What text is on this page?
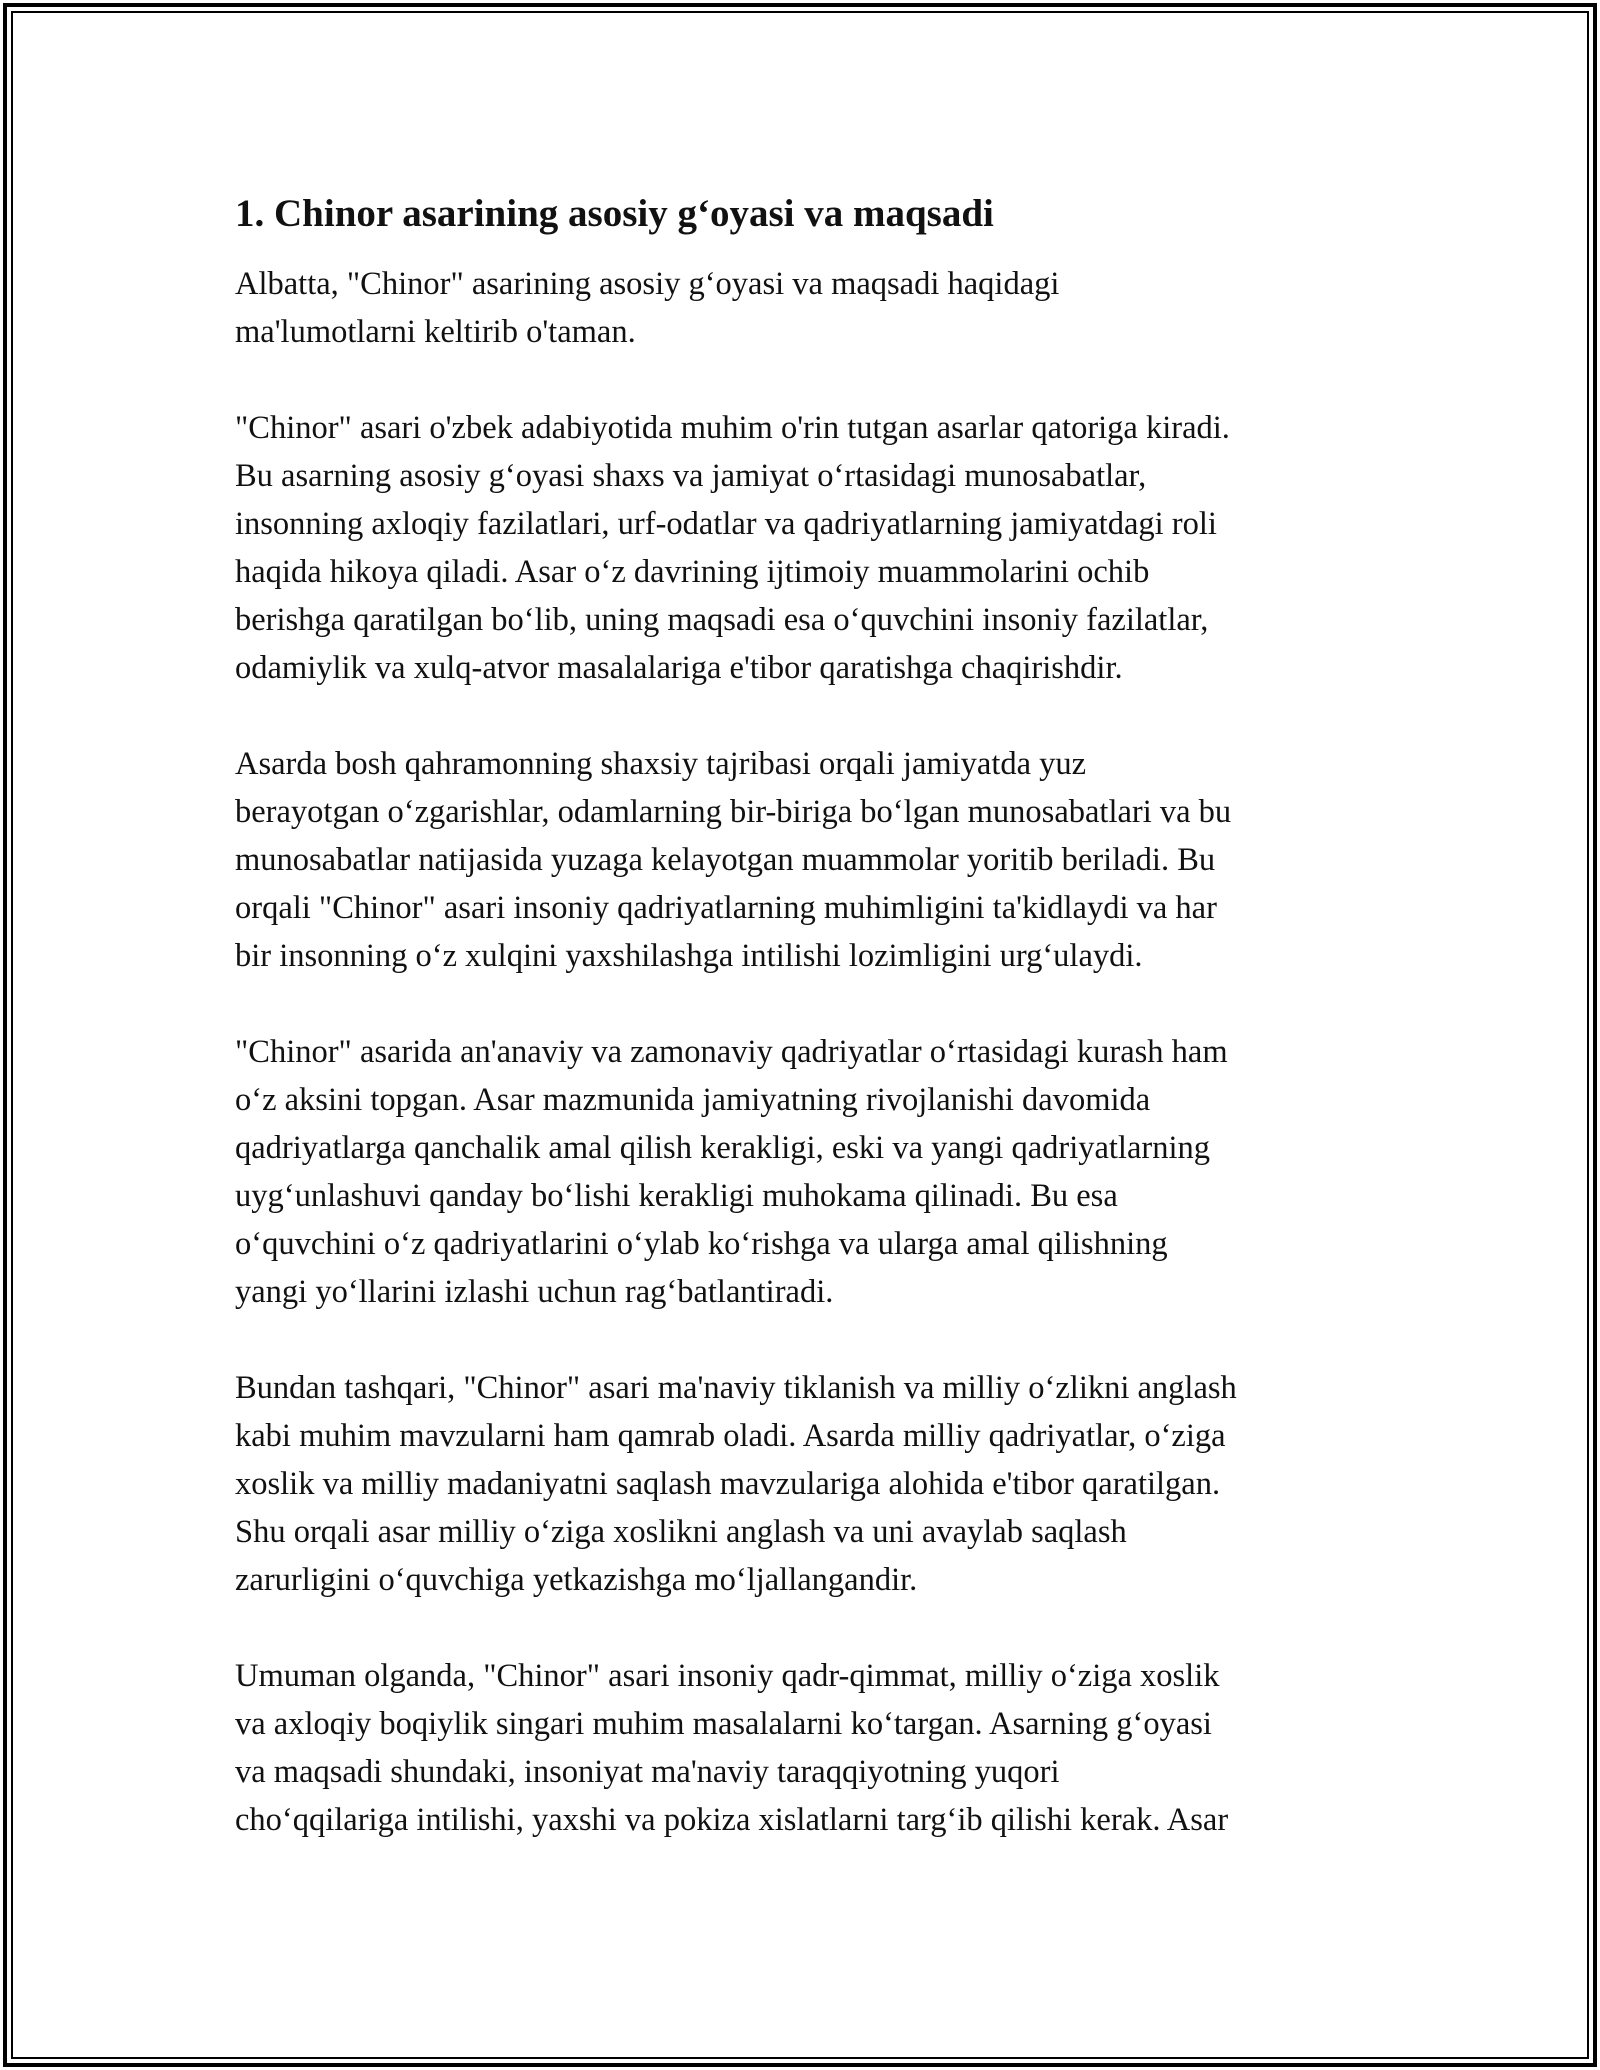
1. Chinor asarining asosiy g‘oyasi va maqsadi

Albatta, "Chinor" asarining asosiy g‘oyasi va maqsadi haqidagi
ma'lumotlarni keltirib o'taman.

"Chinor" asari o'zbek adabiyotida muhim o'rin tutgan asarlar qatoriga kiradi.
Bu asarning asosiy g‘oyasi shaxs va jamiyat o‘rtasidagi munosabatlar,
insonning axloqiy fazilatlari, urf-odatlar va qadriyatlarning jamiyatdagi roli
haqida hikoya qiladi. Asar o‘z davrining ijtimoiy muammolarini ochib
berishga qaratilgan bo‘lib, uning maqsadi esa o‘quvchini insoniy fazilatlar,
odamiylik va xulq-atvor masalalariga e'tibor qaratishga chaqirishdir.

Asarda bosh qahramonning shaxsiy tajribasi orqali jamiyatda yuz
berayotgan o‘zgarishlar, odamlarning bir-biriga bo‘lgan munosabatlari va bu
munosabatlar natijasida yuzaga kelayotgan muammolar yoritib beriladi. Bu
orqali "Chinor" asari insoniy qadriyatlarning muhimligini ta'kidlaydi va har
bir insonning o‘z xulqini yaxshilashga intilishi lozimligini urg‘ulaydi.

"Chinor" asarida an'anaviy va zamonaviy qadriyatlar o‘rtasidagi kurash ham
o‘z aksini topgan. Asar mazmunida jamiyatning rivojlanishi davomida
qadriyatlarga qanchalik amal qilish kerakligi, eski va yangi qadriyatlarning
uyg‘unlashuvi qanday bo‘lishi kerakligi muhokama qilinadi. Bu esa
o‘quvchini o‘z qadriyatlarini o‘ylab ko‘rishga va ularga amal qilishning
yangi yo‘llarini izlashi uchun rag‘batlantiradi.

Bundan tashqari, "Chinor" asari ma'naviy tiklanish va milliy o‘zlikni anglash
kabi muhim mavzularni ham qamrab oladi. Asarda milliy qadriyatlar, o‘ziga
xoslik va milliy madaniyatni saqlash mavzulariga alohida e'tibor qaratilgan.
Shu orqali asar milliy o‘ziga xoslikni anglash va uni avaylab saqlash
zarurligini o‘quvchiga yetkazishga mo‘ljallangandir.

Umuman olganda, "Chinor" asari insoniy qadr-qimmat, milliy o‘ziga xoslik
va axloqiy boqiylik singari muhim masalalarni ko‘targan. Asarning g‘oyasi
va maqsadi shundaki, insoniyat ma'naviy taraqqiyotning yuqori
cho‘qqilariga intilishi, yaxshi va pokiza xislatlarni targ‘ib qilishi kerak. Asar
